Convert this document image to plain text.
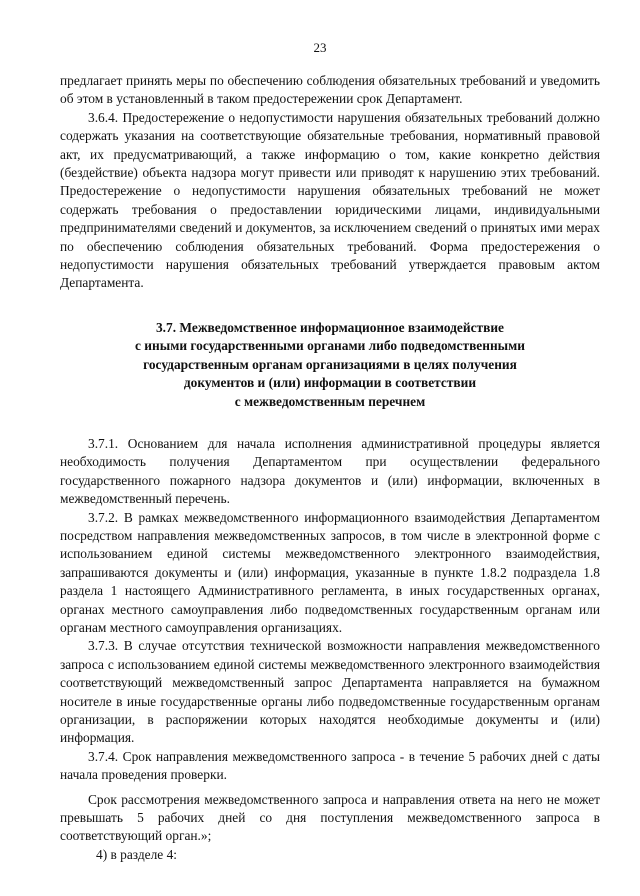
23

предлагает принять меры по обеспечению соблюдения обязательных требований и уведомить об этом в установленный в таком предостережении срок Департамент.

3.6.4. Предостережение о недопустимости нарушения обязательных требований должно содержать указания на соответствующие обязательные требования, нормативный правовой акт, их предусматривающий, а также информацию о том, какие конкретно действия (бездействие) объекта надзора могут привести или приводят к нарушению этих требований. Предостережение о недопустимости нарушения обязательных требований не может содержать требования о предоставлении юридическими лицами, индивидуальными предпринимателями сведений и документов, за исключением сведений о принятых ими мерах по обеспечению соблюдения обязательных требований. Форма предостережения о недопустимости нарушения обязательных требований утверждается правовым актом Департамента.

3.7. Межведомственное информационное взаимодействие
с иными государственными органами либо подведомственными
государственным органам организациями в целях получения
документов и (или) информации в соответствии
с межведомственным перечнем

3.7.1. Основанием для начала исполнения административной процедуры является необходимость получения Департаментом при осуществлении федерального государственного пожарного надзора документов и (или) информации, включенных в межведомственный перечень.

3.7.2. В рамках межведомственного информационного взаимодействия Департаментом посредством направления межведомственных запросов, в том числе в электронной форме с использованием единой системы межведомственного электронного взаимодействия, запрашиваются документы и (или) информация, указанные в пункте 1.8.2 подраздела 1.8 раздела 1 настоящего Административного регламента, в иных государственных органах, органах местного самоуправления либо подведомственных государственным органам или органам местного самоуправления организациях.

3.7.3. В случае отсутствия технической возможности направления межведомственного запроса с использованием единой системы межведомственного электронного взаимодействия соответствующий межведомственный запрос Департамента направляется на бумажном носителе в иные государственные органы либо подведомственные государственным органам организации, в распоряжении которых находятся необходимые документы и (или) информация.

3.7.4. Срок направления межведомственного запроса - в течение 5 рабочих дней с даты начала проведения проверки.

Срок рассмотрения межведомственного запроса и направления ответа на него не может превышать 5 рабочих дней со дня поступления межведомственного запроса в соответствующий орган.»;

4) в разделе 4:
